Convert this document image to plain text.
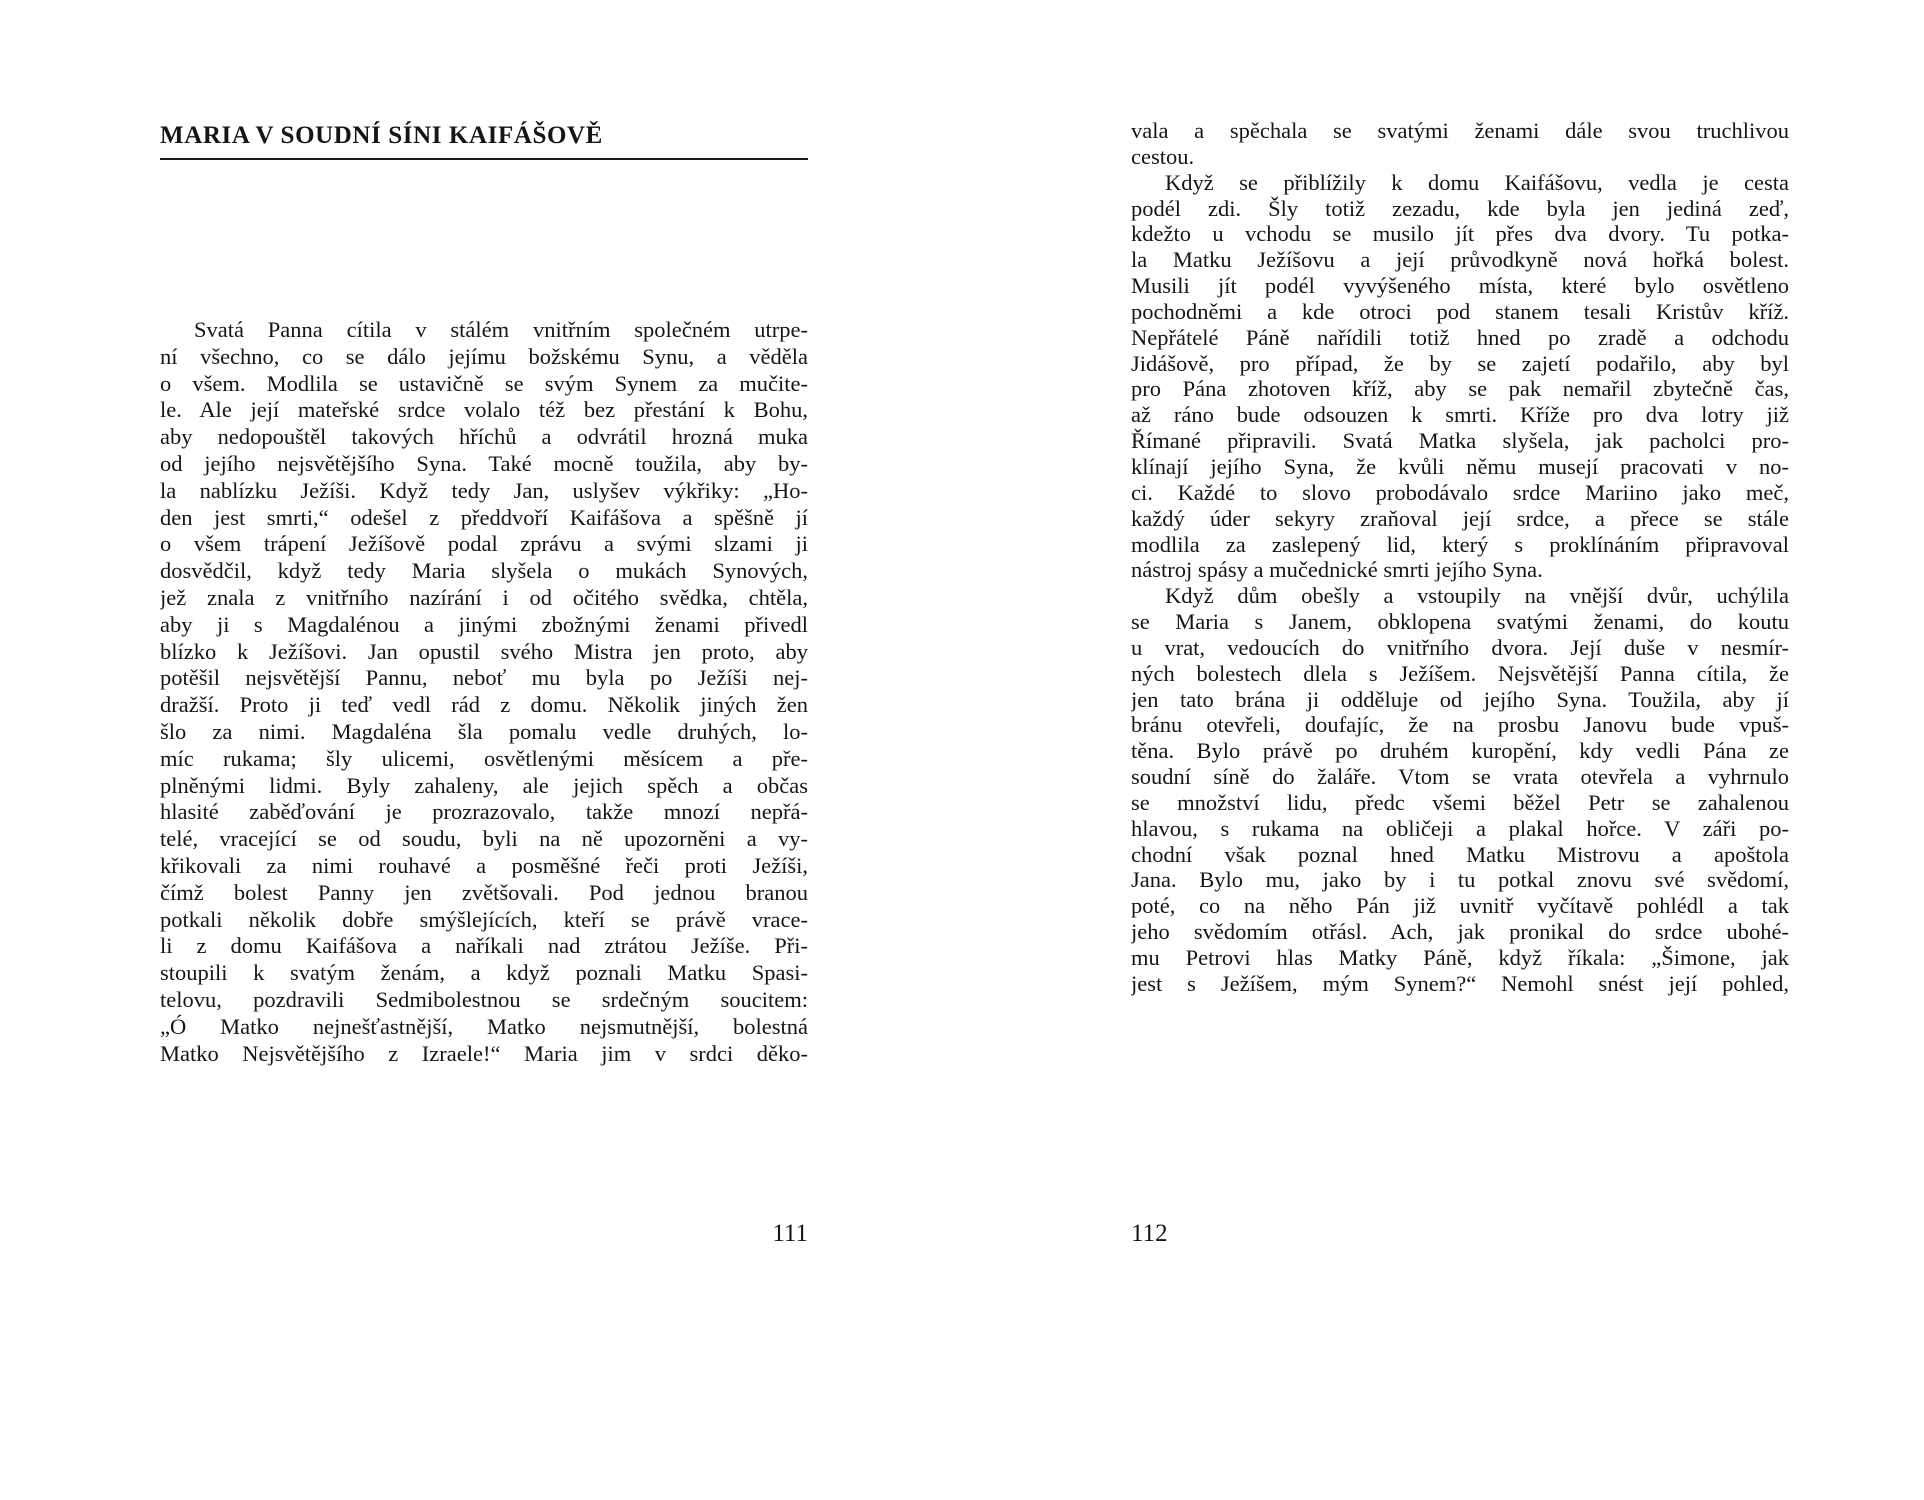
MARIA V SOUDNÍ SÍNI KAIFÁŠOVĚ
Svatá Panna cítila v stálém vnitřním společném utrpe-
ní všechno, co se dálo jejímu božskému Synu, a věděla
o všem. Modlila se ustavičně se svým Synem za mučite-
le. Ale její mateřské srdce volalo též bez přestání k Bohu,
aby nedopouštěl takových hříchů a odvrátil hrozná muka
od jejího nejsvětějšího Syna. Také mocně toužila, aby by-
la nablízku Ježíši. Když tedy Jan, uslyšev výkřiky: „Ho-
den jest smrti,“ odešel z předdvoří Kaifášova a spěšně jí
o všem trápení Ježíšově podal zprávu a svými slzami ji
dosvědčil, když tedy Maria slyšela o mukách Synových,
jež znala z vnitřního nazírání i od očitého svědka, chtěla,
aby ji s Magdalénou a jinými zbožnými ženami přivedl
blízko k Ježíšovi. Jan opustil svého Mistra jen proto, aby
potěšil nejsvětější Pannu, neboť mu byla po Ježíši nej-
dražší. Proto ji teď vedl rád z domu. Několik jiných žen
šlo za nimi. Magdaléna šla pomalu vedle druhých, lo-
míc rukama; šly ulicemi, osvětlenými měsícem a pře-
plněnými lidmi. Byly zahaleny, ale jejich spěch a občas
hlasité zaběďování je prozrazovalo, takže mnozí nepřá-
telé, vracející se od soudu, byli na ně upozorněni a vy-
křikovali za nimi rouhavé a posměšné řeči proti Ježíši,
čímž bolest Panny jen zvětšovali. Pod jednou branou
potkali několik dobře smýšlejících, kteří se právě vrace-
li z domu Kaifášova a naříkali nad ztrátou Ježíše. Při-
stoupili k svatým ženám, a když poznali Matku Spasi-
telovu, pozdravili Sedmibolestnou se srdečným soucitem:
„Ó Matko nejnešťastnější, Matko nejsmutnější, bolestná
Matko Nejsvětějšího z Izraele!“ Maria jim v srdci děko-
111
vala a spěchala se svatými ženami dále svou truchlivou
cestou.
Když se přiblížily k domu Kaifášovu, vedla je cesta
podél zdi. Šly totiž zezadu, kde byla jen jediná zeď,
kdežto u vchodu se musilo jít přes dva dvory. Tu potka-
la Matku Ježíšovu a její průvodkyně nová hořká bolest.
Musili jít podél vyvýšeného místa, které bylo osvětleno
pochodněmi a kde otroci pod stanem tesali Kristův kříž.
Nepřátelé Páně nařídili totiž hned po zradě a odchodu
Jidášově, pro případ, že by se zajetí podařilo, aby byl
pro Pána zhotoven kříž, aby se pak nemařil zbytečně čas,
až ráno bude odsouzen k smrti. Kříže pro dva lotry již
Římané připravili. Svatá Matka slyšela, jak pacholci pro-
klínají jejího Syna, že kvůli němu musejí pracovati v no-
ci. Každé to slovo probodávalo srdce Mariino jako meč,
každý úder sekyry zraňoval její srdce, a přece se stále
modlila za zaslepený lid, který s proklínáním připravoval
nástroj spásy a mučednické smrti jejího Syna.
Když dům obešly a vstoupily na vnější dvůr, uchýlila
se Maria s Janem, obklopena svatými ženami, do koutu
u vrat, vedoucích do vnitřního dvora. Její duše v nesmír-
ných bolestech dlela s Ježíšem. Nejsvětější Panna cítila, že
jen tato brána ji odděluje od jejího Syna. Toužila, aby jí
bránu otevřeli, doufajíc, že na prosbu Janovu bude vpuš-
těna. Bylo právě po druhém kuropění, kdy vedli Pána ze
soudní síně do žaláře. Vtom se vrata otevřela a vyhrnulo
se množství lidu, předc všemi běžel Petr se zahalenou
hlavou, s rukama na obličeji a plakal hořce. V záři po-
chodní však poznal hned Matku Mistrovu a apoštola
Jana. Bylo mu, jako by i tu potkal znovu své svědomí,
poté, co na něho Pán již uvnitř vyčítavě pohlédl a tak
jeho svědomím otřásl. Ach, jak pronikal do srdce ubohé-
mu Petrovi hlas Matky Páně, když říkala: „Šimone, jak
jest s Ježíšem, mým Synem?“ Nemohl snést její pohled,
112
